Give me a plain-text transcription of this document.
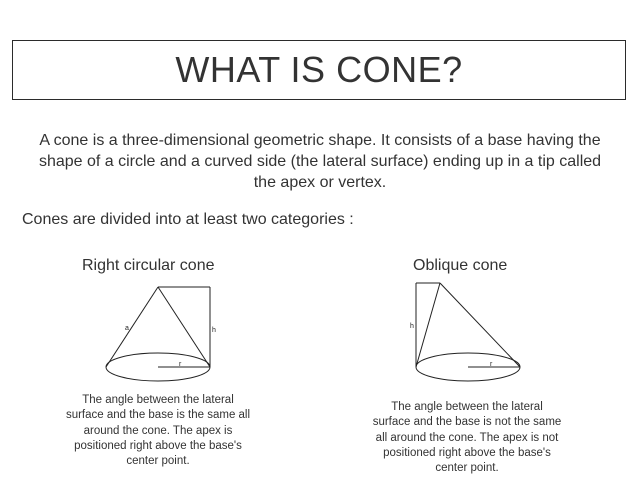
WHAT IS CONE?
A cone is a three-dimensional geometric shape. It consists of a base having the shape of a circle and a curved side (the lateral surface) ending up in a tip called the apex or vertex.
Cones are divided into at least two categories :
Right circular cone	Oblique cone
a	h
r
h
r
The angle between the lateral surface and the base is the same all around the cone. The apex is positioned right above the base's center point.
The angle between the lateral surface and the base is not the same all around the cone. The apex is not positioned right above the base's center point.
